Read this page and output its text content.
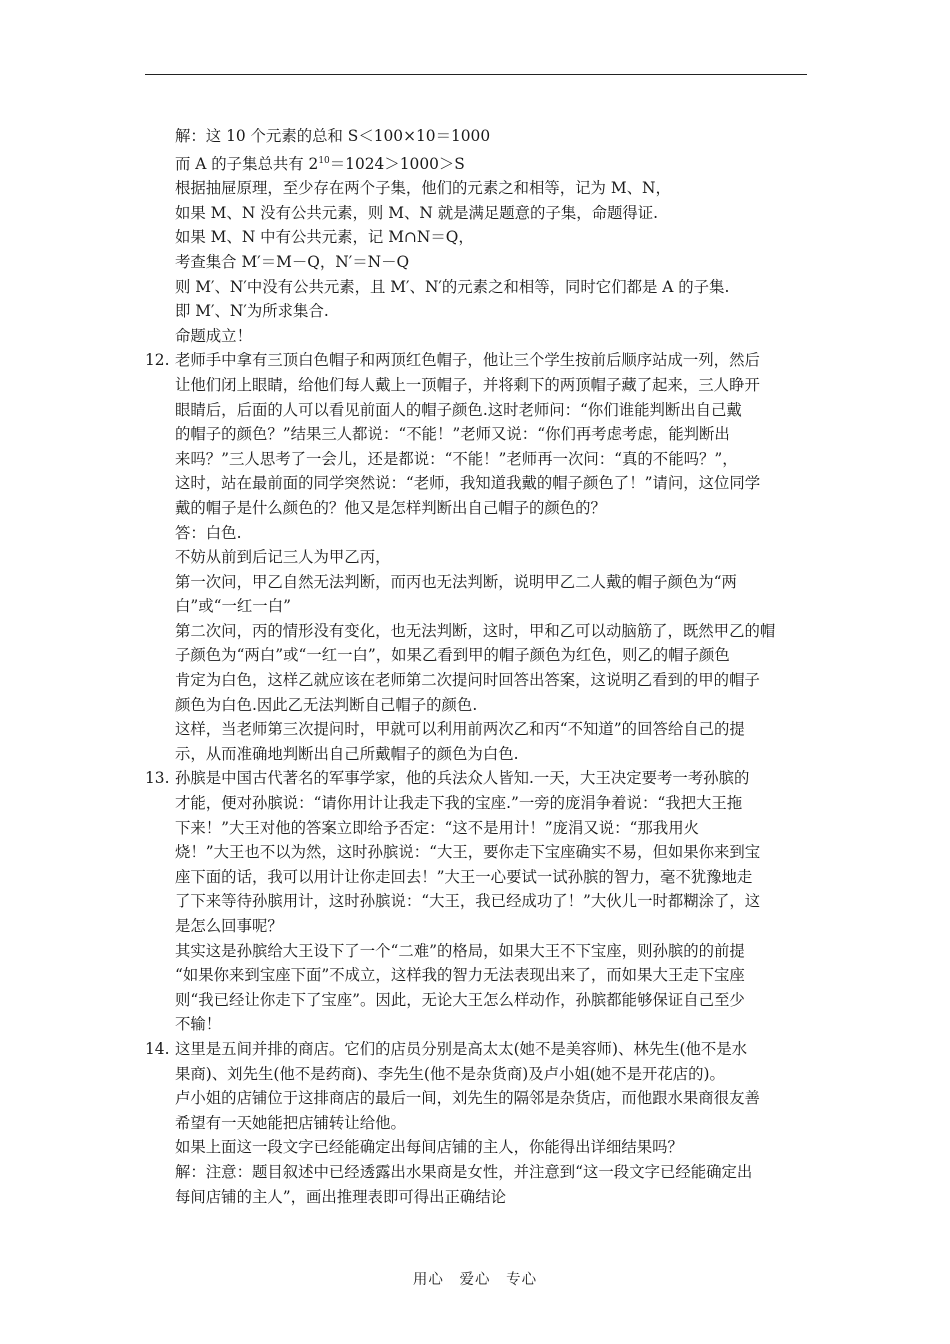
解：这 10 个元素的总和 S＜100×10＝1000
而 A 的子集总共有 $2^{10}=1024>1000>S$
根据抽屉原理，至少存在两个子集，他们的元素之和相等，记为 M、N，
如果 M、N 没有公共元素，则 M、N 就是满足题意的子集，命题得证.
如果 M、N 中有公共元素，记 M∩N＝Q，
考查集合 M′＝M－Q，N′＝N－Q
则 M′、N′中没有公共元素，且 M′、N′的元素之和相等，同时它们都是 A 的子集.
即 M′、N′为所求集合.
命题成立！
12. 老师手中拿有三顶白色帽子和两顶红色帽子，他让三个学生按前后顺序站成一列，然后
让他们闭上眼睛，给他们每人戴上一顶帽子，并将剩下的两顶帽子藏了起来，三人睁开
眼睛后，后面的人可以看见前面人的帽子颜色.这时老师问：“你们谁能判断出自己戴
的帽子的颜色？”结果三人都说：“不能！”老师又说：“你们再考虑考虑，能判断出
来吗？”三人思考了一会儿，还是都说：“不能！”老师再一次问：“真的不能吗？”，
这时，站在最前面的同学突然说：“老师，我知道我戴的帽子颜色了！”请问，这位同学
戴的帽子是什么颜色的？他又是怎样判断出自己帽子的颜色的？
答：白色.
不妨从前到后记三人为甲乙丙，
第一次问，甲乙自然无法判断，而丙也无法判断，说明甲乙二人戴的帽子颜色为“两
白”或“一红一白”
第二次问，丙的情形没有变化，也无法判断，这时，甲和乙可以动脑筋了，既然甲乙的帽
子颜色为“两白”或“一红一白”，如果乙看到甲的帽子颜色为红色，则乙的帽子颜色
肯定为白色，这样乙就应该在老师第二次提问时回答出答案，这说明乙看到的甲的帽子
颜色为白色.因此乙无法判断自己帽子的颜色.
这样，当老师第三次提问时，甲就可以利用前两次乙和丙“不知道”的回答给自己的提
示，从而准确地判断出自己所戴帽子的颜色为白色.
13. 孙膑是中国古代著名的军事学家，他的兵法众人皆知.一天，大王决定要考一考孙膑的
才能，便对孙膑说：“请你用计让我走下我的宝座.”一旁的庞涓争着说：“我把大王拖
下来！”大王对他的答案立即给予否定：“这不是用计！”庞涓又说：“那我用火
烧！”大王也不以为然，这时孙膑说：“大王，要你走下宝座确实不易，但如果你来到宝
座下面的话，我可以用计让你走回去！”大王一心要试一试孙膑的智力，毫不犹豫地走
了下来等待孙膑用计，这时孙膑说：“大王，我已经成功了！”大伙儿一时都糊涂了，这
是怎么回事呢？
其实这是孙膑给大王设下了一个“二难”的格局，如果大王不下宝座，则孙膑的的前提
“如果你来到宝座下面”不成立，这样我的智力无法表现出来了，而如果大王走下宝座
则“我已经让你走下了宝座”。因此，无论大王怎么样动作，孙膑都能够保证自己至少
不输！
14. 这里是五间并排的商店。它们的店员分别是高太太(她不是美容师)、林先生(他不是水
果商)、刘先生(他不是药商)、李先生(他不是杂货商)及卢小姐(她不是开花店的)。
卢小姐的店铺位于这排商店的最后一间，刘先生的隔邻是杂货店，而他跟水果商很友善
希望有一天她能把店铺转让给他。
如果上面这一段文字已经能确定出每间店铺的主人，你能得出详细结果吗？
解：注意：题目叙述中已经透露出水果商是女性，并注意到“这一段文字已经能确定出
每间店铺的主人”，画出推理表即可得出正确结论
用心 爱心 专心
